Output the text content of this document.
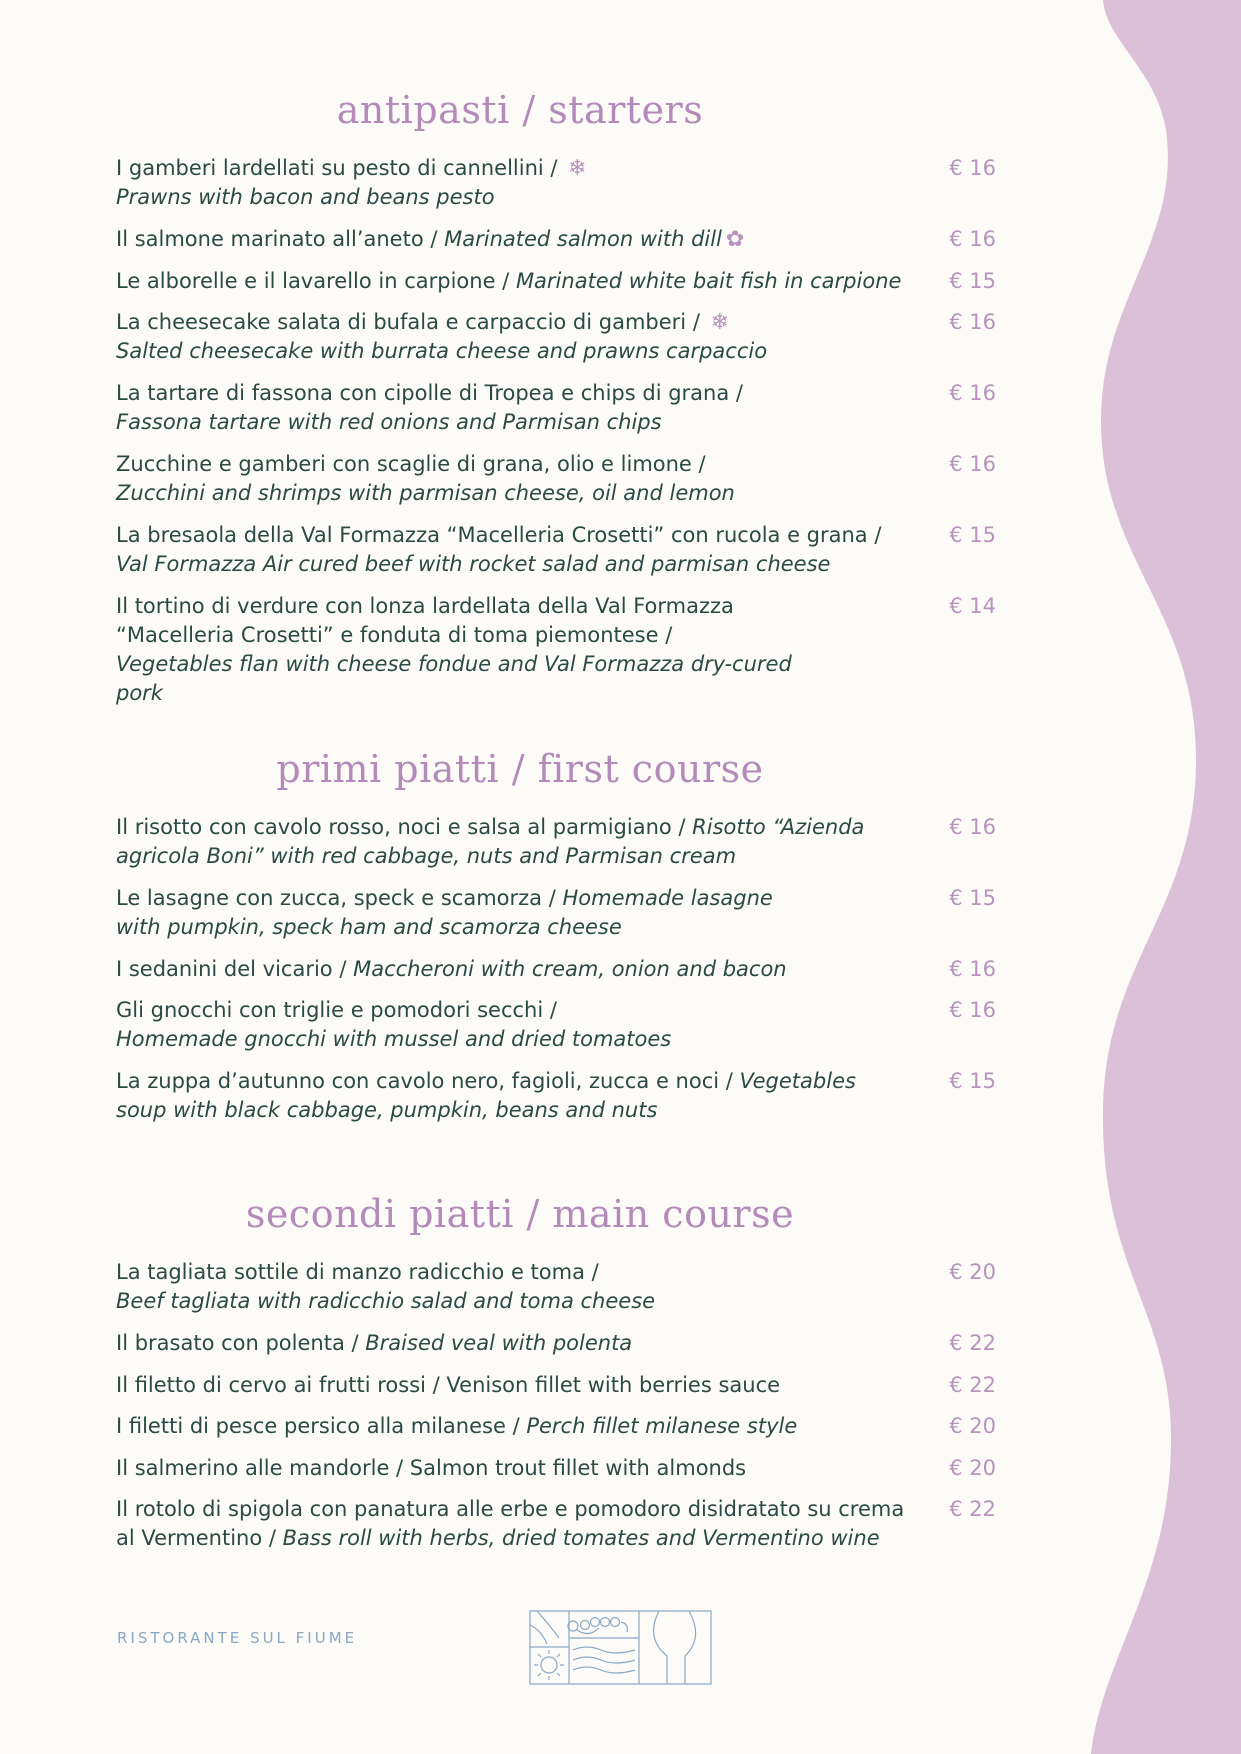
antipasti / starters
I gamberi lardellati su pesto di cannellini / ❄
Prawns with bacon and beans pesto
€ 16
Il salmone marinato all’aneto / Marinated salmon with dill ✿	€ 16
Le alborelle e il lavarello in carpione / Marinated white bait fish in carpione	€ 15
La cheesecake salata di bufala e carpaccio di gamberi / ❄
Salted cheesecake with burrata cheese and prawns carpaccio
€ 16
La tartare di fassona con cipolle di Tropea e chips di grana /
Fassona tartare with red onions and Parmisan chips
€ 16
Zucchine e gamberi con scaglie di grana, olio e limone /
Zucchini and shrimps with parmisan cheese, oil and lemon
€ 16
La bresaola della Val Formazza “Macelleria Crosetti” con rucola e grana /
Val Formazza Air cured beef with rocket salad and parmisan cheese
€ 15
Il tortino di verdure con lonza lardellata della Val Formazza “Macelleria Crosetti” e fonduta di toma piemontese /
Vegetables flan with cheese fondue and Val Formazza dry-cured pork
€ 14
primi piatti / first course
Il risotto con cavolo rosso, noci e salsa al parmigiano / Risotto “Azienda agricola Boni” with red cabbage, nuts and Parmisan cream
€ 16
Le lasagne con zucca, speck e scamorza / Homemade lasagne with pumpkin, speck ham and scamorza cheese
€ 15
I sedanini del vicario / Maccheroni with cream, onion and bacon	€ 16
Gli gnocchi con triglie e pomodori secchi /
Homemade gnocchi with mussel and dried tomatoes
€ 16
La zuppa d’autunno con cavolo nero, fagioli, zucca e noci / Vegetables soup with black cabbage, pumpkin, beans and nuts
€ 15
secondi piatti / main course
La tagliata sottile di manzo radicchio e toma /
Beef tagliata with radicchio salad and toma cheese
€ 20
Il brasato con polenta / Braised veal with polenta	€ 22
Il filetto di cervo ai frutti rossi / Venison fillet with berries sauce	€ 22
I filetti di pesce persico alla milanese / Perch fillet milanese style	€ 20
Il salmerino alle mandorle / Salmon trout fillet with almonds	€ 20
Il rotolo di spigola con panatura alle erbe e pomodoro disidratato su crema al Vermentino / Bass roll with herbs, dried tomates and Vermentino wine
€ 22
RISTORANTE SUL FIUME
